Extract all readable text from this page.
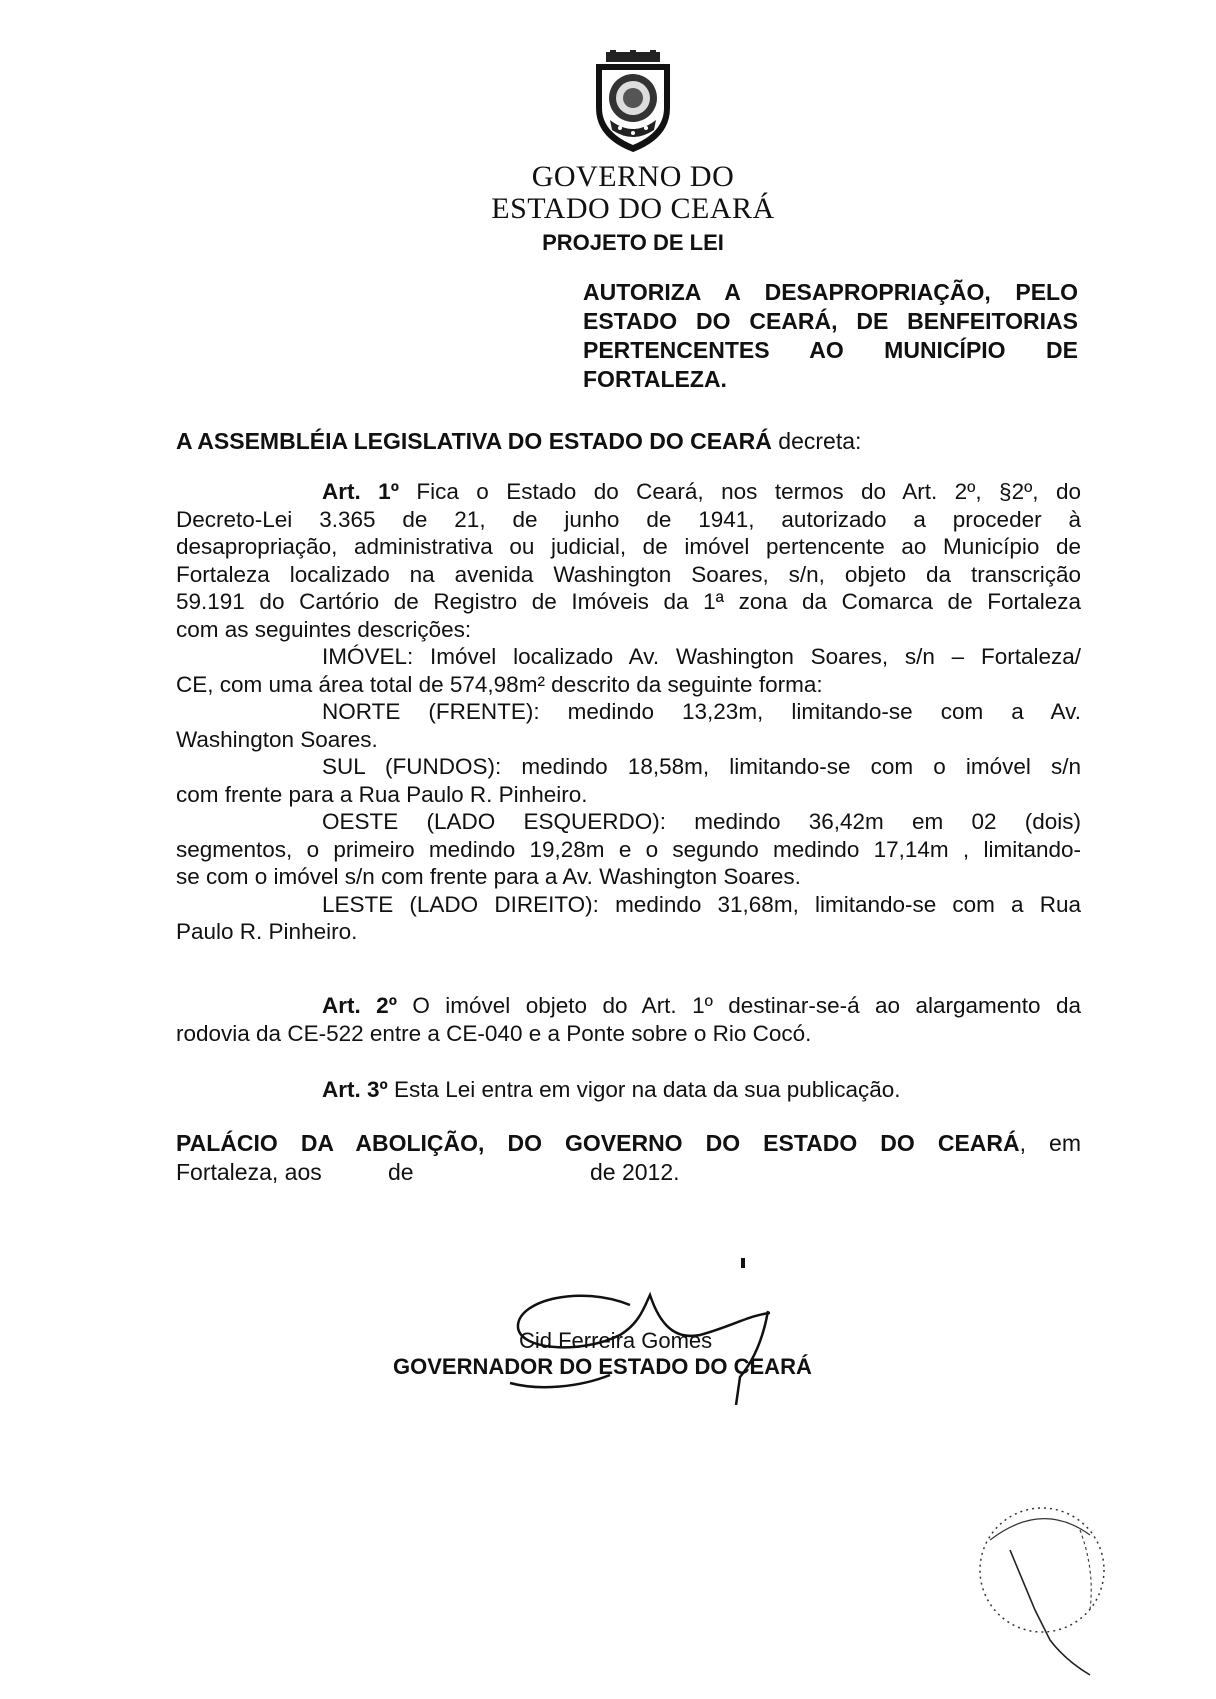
GOVERNO DO
ESTADO DO CEARÁ
PROJETO DE LEI
AUTORIZA A DESAPROPRIAÇÃO, PELO
ESTADO DO CEARÁ, DE BENFEITORIAS
PERTENCENTES AO MUNICÍPIO DE
FORTALEZA.
A ASSEMBLÉIA LEGISLATIVA DO ESTADO DO CEARÁ decreta:
Art. 1º Fica o Estado do Ceará, nos termos do Art. 2º, §2º, do
Decreto-Lei 3.365 de 21, de junho de 1941, autorizado a proceder à
desapropriação, administrativa ou judicial, de imóvel pertencente ao Município de
Fortaleza localizado na avenida Washington Soares, s/n, objeto da transcrição
59.191 do Cartório de Registro de Imóveis da 1ª zona da Comarca de Fortaleza
com as seguintes descrições:
IMÓVEL: Imóvel localizado Av. Washington Soares, s/n – Fortaleza/
CE, com uma área total de 574,98m² descrito da seguinte forma:
NORTE (FRENTE): medindo 13,23m, limitando-se com a Av.
Washington Soares.
SUL (FUNDOS): medindo 18,58m, limitando-se com o imóvel s/n
com frente para a Rua Paulo R. Pinheiro.
OESTE (LADO ESQUERDO): medindo 36,42m em 02 (dois)
segmentos, o primeiro medindo 19,28m e o segundo medindo 17,14m , limitando-
se com o imóvel s/n com frente para a Av. Washington Soares.
LESTE (LADO DIREITO): medindo 31,68m, limitando-se com a Rua
Paulo R. Pinheiro.
Art. 2º O imóvel objeto do Art. 1º destinar-se-á ao alargamento da
rodovia da CE-522 entre a CE-040 e a Ponte sobre o Rio Cocó.
Art. 3º Esta Lei entra em vigor na data da sua publicação.
PALÁCIO DA ABOLIÇÃO, DO GOVERNO DO ESTADO DO CEARÁ, em
Fortaleza, aos	de	de 2012.
Cid Ferreira Gomes
GOVERNADOR DO ESTADO DO CEARÁ
